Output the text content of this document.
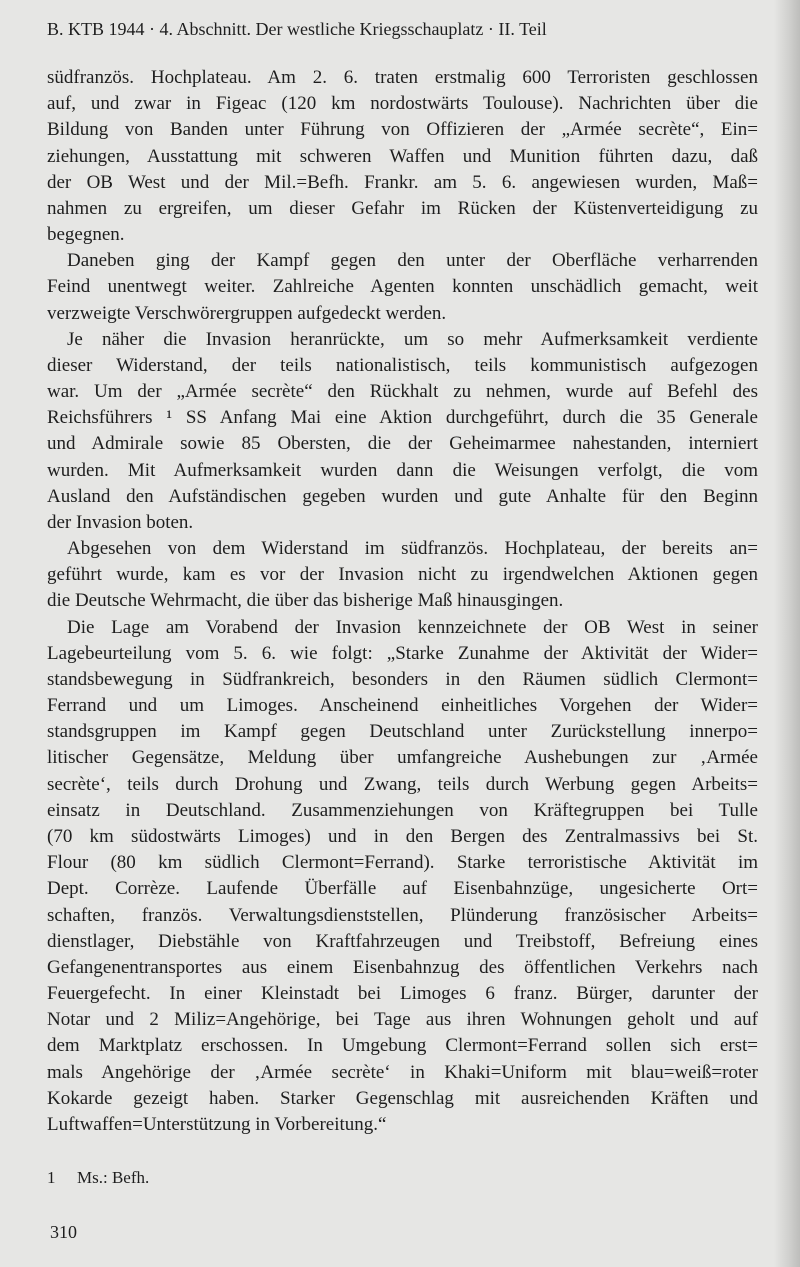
B. KTB 1944 · 4. Abschnitt. Der westliche Kriegsschauplatz · II. Teil
südfranzös. Hochplateau. Am 2. 6. traten erstmalig 600 Terroristen geschlossen
auf, und zwar in Figeac (120 km nordostwärts Toulouse). Nachrichten über die
Bildung von Banden unter Führung von Offizieren der „Armée secrète“, Ein=
ziehungen, Ausstattung mit schweren Waffen und Munition führten dazu, daß
der OB West und der Mil.=Befh. Frankr. am 5. 6. angewiesen wurden, Maß=
nahmen zu ergreifen, um dieser Gefahr im Rücken der Küstenverteidigung zu
begegnen.
Daneben ging der Kampf gegen den unter der Oberfläche verharrenden
Feind unentwegt weiter. Zahlreiche Agenten konnten unschädlich gemacht, weit
verzweigte Verschwörergruppen aufgedeckt werden.
Je näher die Invasion heranrückte, um so mehr Aufmerksamkeit verdiente
dieser Widerstand, der teils nationalistisch, teils kommunistisch aufgezogen
war. Um der „Armée secrète“ den Rückhalt zu nehmen, wurde auf Befehl des
Reichsführers ¹ SS Anfang Mai eine Aktion durchgeführt, durch die 35 Generale
und Admirale sowie 85 Obersten, die der Geheimarmee nahestanden, interniert
wurden. Mit Aufmerksamkeit wurden dann die Weisungen verfolgt, die vom
Ausland den Aufständischen gegeben wurden und gute Anhalte für den Beginn
der Invasion boten.
Abgesehen von dem Widerstand im südfranzös. Hochplateau, der bereits an=
geführt wurde, kam es vor der Invasion nicht zu irgendwelchen Aktionen gegen
die Deutsche Wehrmacht, die über das bisherige Maß hinausgingen.
Die Lage am Vorabend der Invasion kennzeichnete der OB West in seiner
Lagebeurteilung vom 5. 6. wie folgt: „Starke Zunahme der Aktivität der Wider=
standsbewegung in Südfrankreich, besonders in den Räumen südlich Clermont=
Ferrand und um Limoges. Anscheinend einheitliches Vorgehen der Wider=
standsgruppen im Kampf gegen Deutschland unter Zurückstellung innerpo=
litischer Gegensätze, Meldung über umfangreiche Aushebungen zur ‚Armée
secrète‘, teils durch Drohung und Zwang, teils durch Werbung gegen Arbeits=
einsatz in Deutschland. Zusammenziehungen von Kräftegruppen bei Tulle
(70 km südostwärts Limoges) und in den Bergen des Zentralmassivs bei St.
Flour (80 km südlich Clermont=Ferrand). Starke terroristische Aktivität im
Dept. Corrèze. Laufende Überfälle auf Eisenbahnzüge, ungesicherte Ort=
schaften, französ. Verwaltungsdienststellen, Plünderung französischer Arbeits=
dienstlager, Diebstähle von Kraftfahrzeugen und Treibstoff, Befreiung eines
Gefangenentransportes aus einem Eisenbahnzug des öffentlichen Verkehrs nach
Feuergefecht. In einer Kleinstadt bei Limoges 6 franz. Bürger, darunter der
Notar und 2 Miliz=Angehörige, bei Tage aus ihren Wohnungen geholt und auf
dem Marktplatz erschossen. In Umgebung Clermont=Ferrand sollen sich erst=
mals Angehörige der ‚Armée secrète‘ in Khaki=Uniform mit blau=weiß=roter
Kokarde gezeigt haben. Starker Gegenschlag mit ausreichenden Kräften und
Luftwaffen=Unterstützung in Vorbereitung.“
1 Ms.: Befh.
310
